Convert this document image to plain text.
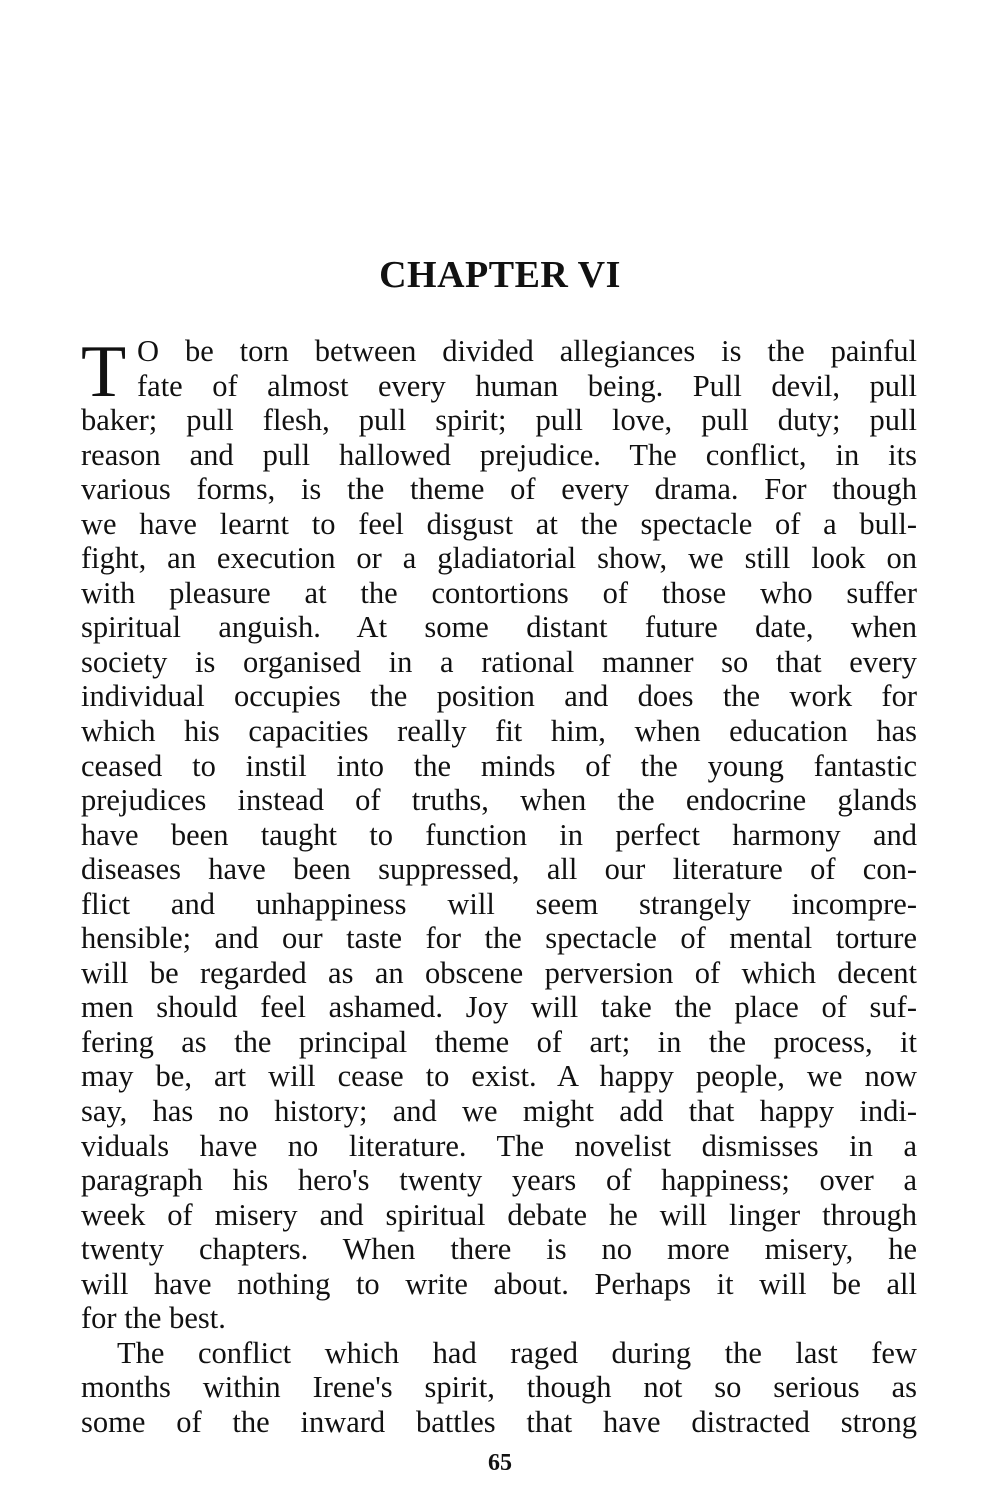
CHAPTER VI
T O be torn between divided allegiances is the painful
fate of almost every human being. Pull devil, pull
baker; pull flesh, pull spirit; pull love, pull duty; pull
reason and pull hallowed prejudice. The conflict, in its
various forms, is the theme of every drama. For though
we have learnt to feel disgust at the spectacle of a bull-
fight, an execution or a gladiatorial show, we still look on
with pleasure at the contortions of those who suffer
spiritual anguish. At some distant future date, when
society is organised in a rational manner so that every
individual occupies the position and does the work for
which his capacities really fit him, when education has
ceased to instil into the minds of the young fantastic
prejudices instead of truths, when the endocrine glands
have been taught to function in perfect harmony and
diseases have been suppressed, all our literature of con-
flict and unhappiness will seem strangely incompre-
hensible; and our taste for the spectacle of mental torture
will be regarded as an obscene perversion of which decent
men should feel ashamed. Joy will take the place of suf-
fering as the principal theme of art; in the process, it
may be, art will cease to exist. A happy people, we now
say, has no history; and we might add that happy indi-
viduals have no literature. The novelist dismisses in a
paragraph his hero's twenty years of happiness; over a
week of misery and spiritual debate he will linger through
twenty chapters. When there is no more misery, he
will have nothing to write about. Perhaps it will be all
for the best.
The conflict which had raged during the last few
months within Irene's spirit, though not so serious as
some of the inward battles that have distracted strong
65
